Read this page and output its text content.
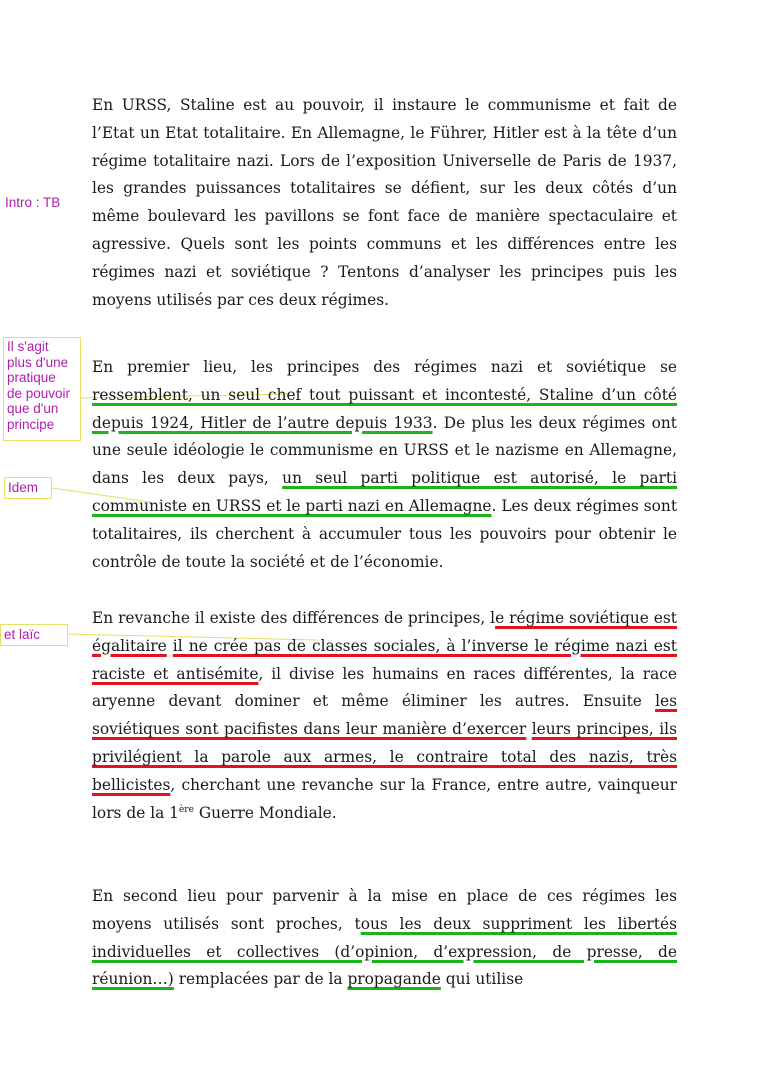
Intro : TB
Il s'agit
plus d'une
pratique
de pouvoir
que d'un
principe
Idem
et laïc
En URSS, Staline est au pouvoir, il instaure le communisme et fait de l’Etat un Etat totalitaire. En Allemagne, le Führer, Hitler est à la tête d’un régime totalitaire nazi. Lors de l’exposition Universelle de Paris de 1937, les grandes puissances totalitaires se défient, sur les deux côtés d’un même boulevard les pavillons se font face de manière spectaculaire et agressive. Quels sont les points communs et les différences entre les régimes nazi et soviétique ? Tentons d’analyser les principes puis les moyens utilisés par ces deux régimes.
En premier lieu, les principes des régimes nazi et soviétique se ressemblent, un seul chef tout puissant et incontesté, Staline d’un côté depuis 1924, Hitler de l’autre depuis 1933. De plus les deux régimes ont une seule idéologie le communisme en URSS et le nazisme en Allemagne, dans les deux pays, un seul parti politique est autorisé, le parti communiste en URSS et le parti nazi en Allemagne. Les deux régimes sont totalitaires, ils cherchent à accumuler tous les pouvoirs pour obtenir le contrôle de toute la société et de l’économie.
En revanche il existe des différences de principes, le régime soviétique est égalitaire il ne crée pas de classes sociales, à l’inverse le régime nazi est raciste et antisémite, il divise les humains en races différentes, la race aryenne devant dominer et même éliminer les autres. Ensuite les soviétiques sont pacifistes dans leur manière d’exercer leurs principes, ils privilégient la parole aux armes, le contraire total des nazis, très bellicistes, cherchant une revanche sur la France, entre autre, vainqueur lors de la 1ère Guerre Mondiale.
En second lieu pour parvenir à la mise en place de ces régimes les moyens utilisés sont proches, tous les deux suppriment les libertés individuelles et collectives (d’opinion, d’expression, de presse, de réunion…) remplacées par de la propagande qui utilise
